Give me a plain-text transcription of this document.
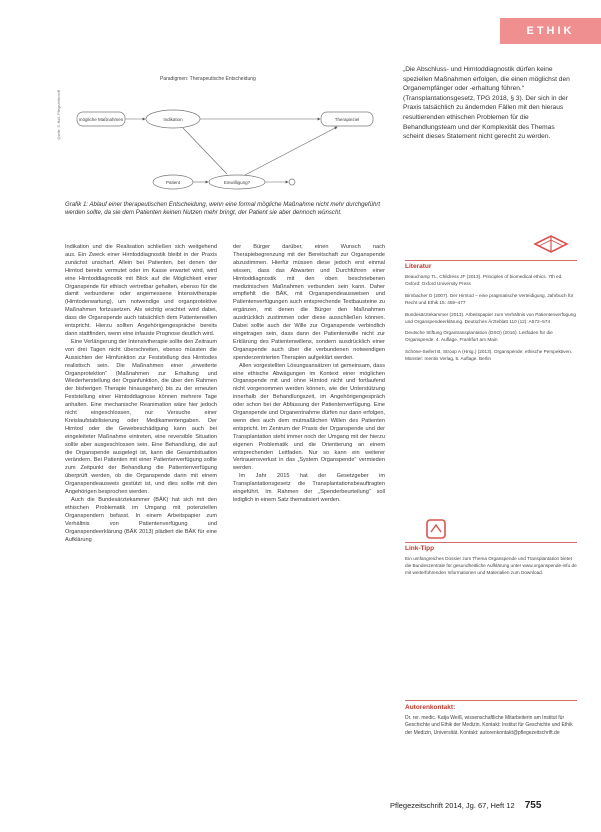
ETHIK
Quelle: S. Haß, Pflegezeitschrift
Paradigmen: Therapeutische Entscheidung
mögliche Maßnahmen	Indikation	Therapieziel
Patient	Einwilligung?
Grafik 1: Ablauf einer therapeutischen Entscheidung, wenn eine formal mögliche Maßnahme nicht mehr durchgeführt werden sollte, da sie dem Patienten keinen Nutzen mehr bringt, der Patient sie aber dennoch wünscht.
„Die Abschluss- und Hirntoddiagnostik dürfen keine speziellen Maßnahmen erfolgen, die einen möglichst den Organempfänger oder -erhaltung führen.“ (Transplantationsgesetz, TPG 2018, § 3). Der sich in der Praxis tatsächlich zu ändernden Fällen mit den hieraus resultierenden ethischen Problemen für die Behandlungsteam und der Komplexität des Themas scheint dieses Statement nicht gerecht zu werden.

Indikation und die Realisation schließen sich weitgehend aus. Ein Zweck einer Hirntoddiagnostik bleibt in der Praxis zunächst unscharf. Allein bei Patienten, bei denen der Hirntod bereits vermutet oder im Kasse erwartet wird, wird eine Hirntoddiagnostik mit Blick auf die Möglichkeit einer Organspende für ethisch vertretbar gehalten, ebenso für die damit verbundene oder angemessene Intensivtherapie (Hirntoderwartung), um notwendige und organprotektive Maßnahmen fortzusetzen. Als wichtig erachtet wird dabei, dass die Organspende auch tatsächlich dem Patientenwillen entspricht. Hierzu sollten Angehörigengespräche bereits dann stattfinden, wenn eine infauste Prognose deutlich wird.

Eine Verlängerung der Intensivtherapie sollte den Zeitraum von drei Tagen nicht überschreiten, ebenso müssten die Aussichten der Hirnfunktion zur Feststellung des Hirntodes realistisch sein. Die Maßnahmen einer „erweiterte Organprotektion“ (Maßnahmen zur Erhaltung und Wiederherstellung der Organfunktion, die über den Rahmen der bisherigen Therapie hinausgehen) bis zu der erneuten Feststellung einer Hirntoddiagnose können mehrere Tage anhalten. Eine mechanische Reanimation wäre hier jedoch nicht eingeschlossen, nur Versuche einer Kreislaufstabilisierung oder Medikamentengaben. Der Hirntod oder die Gewebeschädigung kann auch bei eingeleiteter Maßnahme eintreten, eine reversible Situation sollte aber ausgeschlossen sein. Eine Behandlung, die auf die Organspende ausgelegt ist, kann die Gesamtsituation verändern. Bei Patienten mit einer Patientenverfügung sollte zum Zeitpunkt der Behandlung die Patientenverfügung überprüft werden, ob die Organspende darin mit einem Organspendeausweis gestützt ist, und dies sollte mit den Angehörigen besprochen werden.

Auch die Bundesärztekammer (BÄK) hat sich mit den ethischen Problematik im Umgang mit potenziellen Organspendern befasst. In einem Arbeitspapier zum Verhältnis von Patientenverfügung und Organspendeerklärung (BÄK 2013) plädiert die BÄK für eine Aufklärung

der Bürger darüber, einen Wunsch nach Therapiebegrenzung mit der Bereitschaft zur Organspende abzustimmen. Hierfür müssen diese jedoch erst einmal wissen, dass das Abwarten und Durchführen einer Hirntoddiagnostik mit den oben beschriebenen medizinischen Maßnahmen verbunden sein kann. Daher empfiehlt die BÄK, mit Organspendeausweisen und Patientenverfügungen auch entsprechende Textbausteine zu ergänzen, mit denen die Bürger den Maßnahmen ausdrücklich zustimmen oder diese ausschließen können. Dabei sollte auch der Wille zur Organspende verbindlich eingetragen sein, dass dann der Patientenwille nicht zur Erklärung des Patientenwillens, sondern ausdrücklich einer Organspende auch über die verbundenen notwendigen spenderzentrierten Therapien aufgeklärt werden.

Allen vorgestellten Lösungsansätzen ist gemeinsam, dass eine ethische Abwägungen im Kontext einer möglichen Organspende mit und ohne Hirntod nicht und fortlaufend nicht vorgenommen werden können, wie der Unterstützung innerhalb der Behandlungszeit, im Angehörigengespräch oder schon bei der Abfassung der Patientenverfügung. Eine Organspende und Organentnahme dürfen nur dann erfolgen, wenn dies auch dem mutmaßlichen Willen des Patienten entspricht. Im Zentrum der Praxis der Organspende und der Transplantation steht immer noch der Umgang mit der hierzu eigenen Problematik und die Orientierung an einem entsprechenden Leitfaden. Nur so kann ein weiterer Vertrauensverlust in das „System Organspende“ vermieden werden.

Im Jahr 2015 hat der Gesetzgeber im Transplantationsgesetz die Transplantationsbeauftragten eingeführt. Im Rahmen der „Spenderbeurteilung“ soll lediglich in einem Satz thematisiert werden.

Literatur
Beauchamp TL, Childress JF (2013). Principles of biomedical ethics. 7th ed. Oxford: Oxford University Press
Birnbacher D (2007). Der Hirntod – eine pragmatische Verteidigung. Jahrbuch für Recht und Ethik 15: 459–477
Bundesärztekammer (2013). Arbeitspapier zum Verhältnis von Patientenverfügung und Organspendeerklärung. Deutsches Ärzteblatt 110 (12): A572–574
Deutsche Stiftung Organtransplantation (DSO) (2016). Leitfaden für die Organspende. 4. Auflage. Frankfurt am Main
Schöne-Seifert B, Stroop A (Hrsg.) (2013). Organspende: ethische Perspektiven. Münster: mentis Verlag, 5. Auflage. Berlin
Link-Tipp
Ein umfangreiches Dossier zum Thema Organspende und Transplantation bietet die Bundeszentrale für gesundheitliche Aufklärung unter www.organspende-info.de mit weiterführenden Informationen und Materialien zum Download.
Autorenkontakt:
Dr. rer. medic. Katja Weiß, wissenschaftliche Mitarbeiterin am Institut für Geschichte und Ethik der Medizin. Kontakt: Institut für Geschichte und Ethik der Medizin, Universität. Kontakt: autorenkontakt@pflegezeitschrift.de
Pflegezeitschrift 2014, Jg. 67, Heft 12 755
